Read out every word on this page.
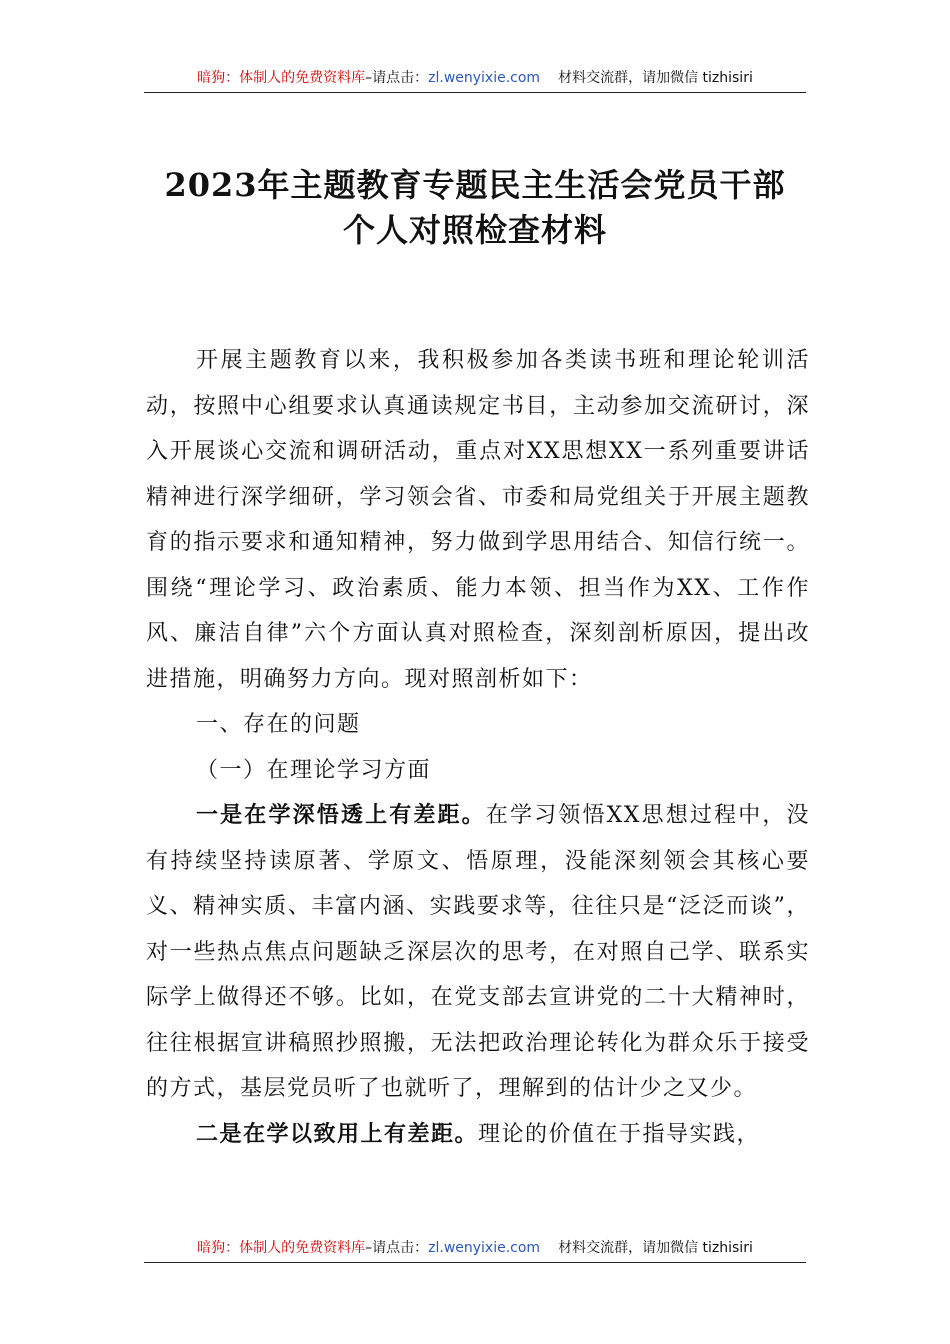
暗狗：体制人的免费资料库 –请点击： zl.wenyixie.com 材料交流群，请加微信 tizhisiri
2023年主题教育专题民主生活会党员干部
个人对照检查材料

开展主题教育以来，我积极参加各类读书班和理论轮训活动，按照中心组要求认真通读规定书目，主动参加交流研讨，深入开展谈心交流和调研活动，重点对XX思想XX一系列重要讲话精神进行深学细研，学习领会省、市委和局党组关于开展主题教育的指示要求和通知精神，努力做到学思用结合、知信行统一。围绕“理论学习、政治素质、能力本领、担当作为XX、工作作风、廉洁自律”六个方面认真对照检查，深刻剖析原因，提出改进措施，明确努力方向。现对照剖析如下：

一、存在的问题

（一）在理论学习方面

一是在学深悟透上有差距。在学习领悟XX思想过程中，没有持续坚持读原著、学原文、悟原理，没能深刻领会其核心要义、精神实质、丰富内涵、实践要求等，往往只是“泛泛而谈”，对一些热点焦点问题缺乏深层次的思考，在对照自己学、联系实际学上做得还不够。比如，在党支部去宣讲党的二十大精神时，往往根据宣讲稿照抄照搬，无法把政治理论转化为群众乐于接受的方式，基层党员听了也就听了，理解到的估计少之又少。

二是在学以致用上有差距。理论的价值在于指导实践，

暗狗：体制人的免费资料库 –请点击： zl.wenyixie.com 材料交流群，请加微信 tizhisiri
